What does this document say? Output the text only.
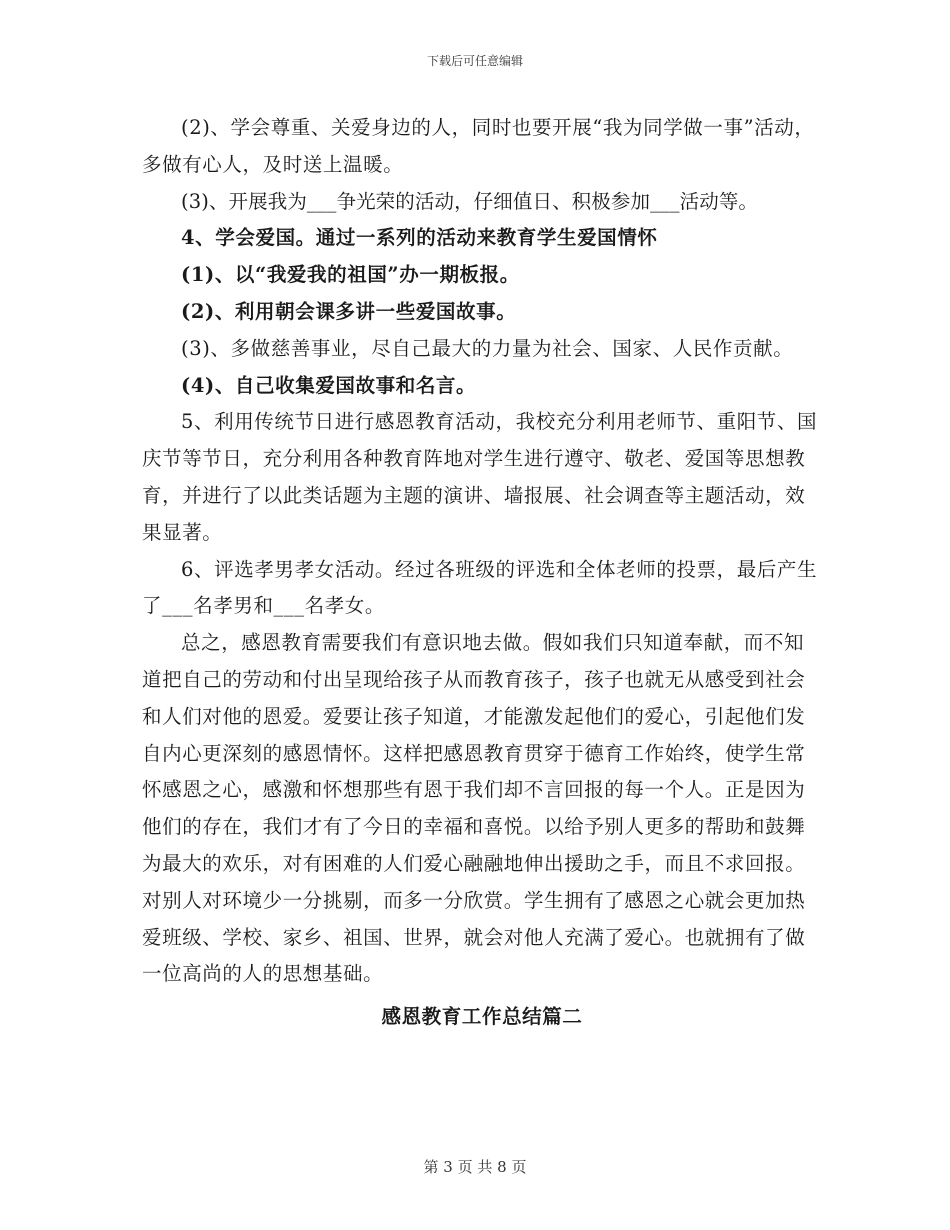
下载后可任意编辑

(2)、学会尊重、关爱身边的人，同时也要开展“我为同学做一事”活动，多做有心人，及时送上温暖。

(3)、开展我为___争光荣的活动，仔细值日、积极参加___活动等。

4、学会爱国。通过一系列的活动来教育学生爱国情怀

(1)、以“我爱我的祖国”办一期板报。

(2)、利用朝会课多讲一些爱国故事。

(3)、多做慈善事业，尽自己最大的力量为社会、国家、人民作贡献。

(4)、自己收集爱国故事和名言。

5、利用传统节日进行感恩教育活动，我校充分利用老师节、重阳节、国庆节等节日，充分利用各种教育阵地对学生进行遵守、敬老、爱国等思想教育，并进行了以此类话题为主题的演讲、墙报展、社会调查等主题活动，效果显著。

6、评选孝男孝女活动。经过各班级的评选和全体老师的投票，最后产生了___名孝男和___名孝女。

总之，感恩教育需要我们有意识地去做。假如我们只知道奉献，而不知道把自己的劳动和付出呈现给孩子从而教育孩子，孩子也就无从感受到社会和人们对他的恩爱。爱要让孩子知道，才能激发起他们的爱心，引起他们发自内心更深刻的感恩情怀。这样把感恩教育贯穿于德育工作始终，使学生常怀感恩之心，感激和怀想那些有恩于我们却不言回报的每一个人。正是因为他们的存在，我们才有了今日的幸福和喜悦。以给予别人更多的帮助和鼓舞为最大的欢乐，对有困难的人们爱心融融地伸出援助之手，而且不求回报。对别人对环境少一分挑剔，而多一分欣赏。学生拥有了感恩之心就会更加热爱班级、学校、家乡、祖国、世界，就会对他人充满了爱心。也就拥有了做一位高尚的人的思想基础。

感恩教育工作总结篇二
第 3 页 共 8 页
